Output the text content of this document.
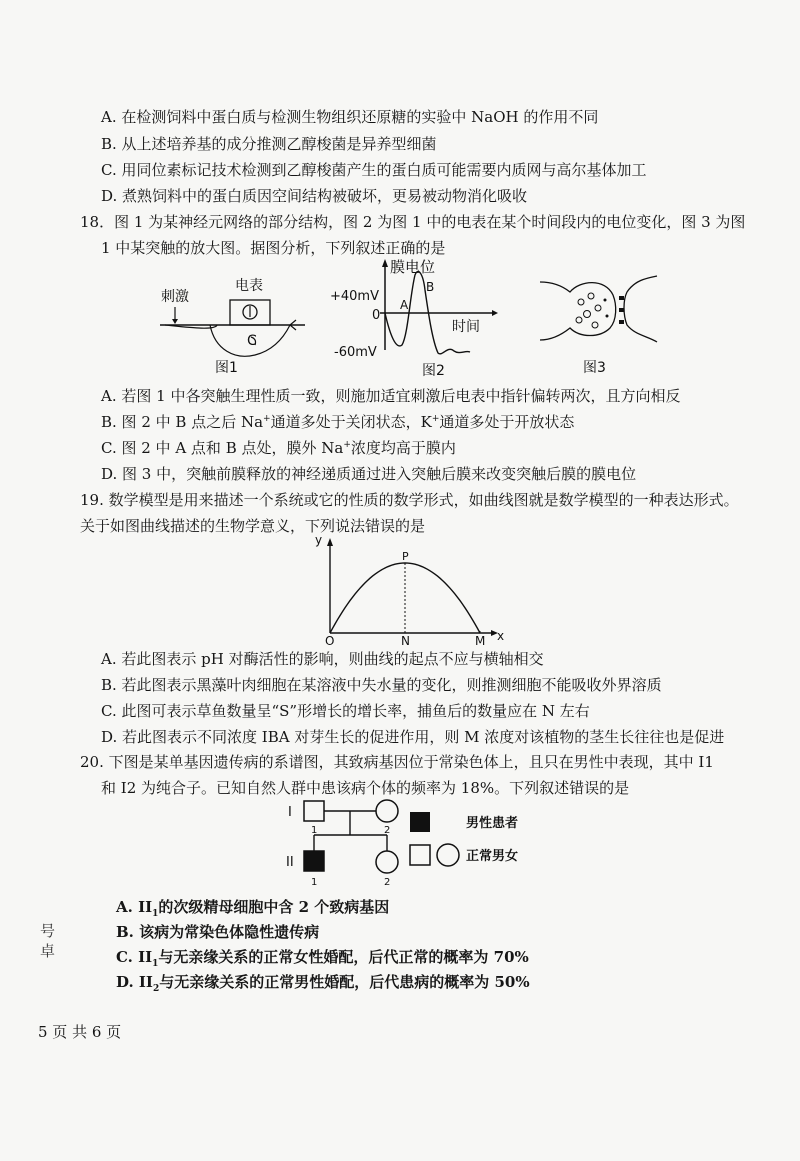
A. 在检测饲料中蛋白质与检测生物组织还原糖的实验中 NaOH 的作用不同
B. 从上述培养基的成分推测乙醇梭菌是异养型细菌
C. 用同位素标记技术检测到乙醇梭菌产生的蛋白质可能需要内质网与高尔基体加工
D. 煮熟饲料中的蛋白质因空间结构被破坏，更易被动物消化吸收
18．图 1 为某神经元网络的部分结构，图 2 为图 1 中的电表在某个时间段内的电位变化，图 3 为图
1 中某突触的放大图。据图分析，下列叙述正确的是
刺激
电表
C
图1
膜电位
+40mV
0
-60mV
时间
A
B
图2	图3
A. 若图 1 中各突触生理性质一致，则施加适宜刺激后电表中指针偏转两次，且方向相反
B. 图 2 中 B 点之后 Na+通道多处于关闭状态，K+通道多处于开放状态
C. 图 2 中 A 点和 B 点处，膜外 Na+浓度均高于膜内
D. 图 3 中，突触前膜释放的神经递质通过进入突触后膜来改变突触后膜的膜电位
19. 数学模型是用来描述一个系统或它的性质的数学形式，如曲线图就是数学模型的一种表达形式。
关于如图曲线描述的生物学意义，下列说法错误的是
y
x
O	N	M
P
A. 若此图表示 pH 对酶活性的影响，则曲线的起点不应与横轴相交
B. 若此图表示黑藻叶肉细胞在某溶液中失水量的变化，则推测细胞不能吸收外界溶质
C. 此图可表示草鱼数量呈“S”形增长的增长率，捕鱼后的数量应在 N 左右
D. 若此图表示不同浓度 IBA 对芽生长的促进作用，则 M 浓度对该植物的茎生长往往也是促进
20. 下图是某单基因遗传病的系谱图，其致病基因位于常染色体上，且只在男性中表现，其中 I1
和 I2 为纯合子。已知自然人群中患该病个体的频率为 18%。下列叙述错误的是
I
II
1	2
1	2
男性患者
正常男女
A. $II_1$的次级精母细胞中含 2 个致病基因
B. 该病为常染色体隐性遗传病
C. $II_1$与无亲缘关系的正常女性婚配，后代正常的概率为 70%
D. $II_2$与无亲缘关系的正常男性婚配，后代患病的概率为 50%
号
卓
5 页 共 6 页
